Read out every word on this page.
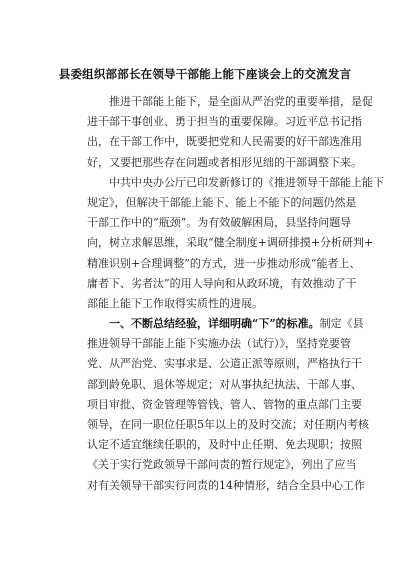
县委组织部部长在领导干部能上能下座谈会上的交流发言
推进干部能上能下，是全面从严治党的重要举措，是促
进干部干事创业、勇于担当的重要保障。习近平总书记指
出，在干部工作中，既要把党和人民需要的好干部选准用
好，又要把那些存在问题或者相形见绌的干部调整下来。
中共中央办公厅已印发新修订的《推进领导干部能上能下
规定》，但解决干部能上能下、能上不能下的问题仍然是
干部工作中的“瓶颈”。为有效破解困局，县坚持问题导
向，树立求解思维，采取“健全制度+调研排摸+分析研判+
精准识别+合理调整”的方式，进一步推动形成“能者上、
庸者下、劣者汰”的用人导向和从政环境，有效推动了干
部能上能下工作取得实质性的进展。
一、不断总结经验，详细明确“下”的标准。制定《县
推进领导干部能上能下实施办法（试行）》，坚持党要管
党、从严治党、实事求是、公道正派等原则，严格执行干
部到龄免职、退休等规定；对从事执纪执法、干部人事、
项目审批、资金管理等管钱、管人、管物的重点部门主要
领导，在同一职位任职5年以上的及时交流；对任期内考核
认定不适宜继续任职的，及时中止任期、免去现职；按照
《关于实行党政领导干部问责的暂行规定》，列出了应当
对有关领导干部实行问责的14种情形，结合全县中心工作
